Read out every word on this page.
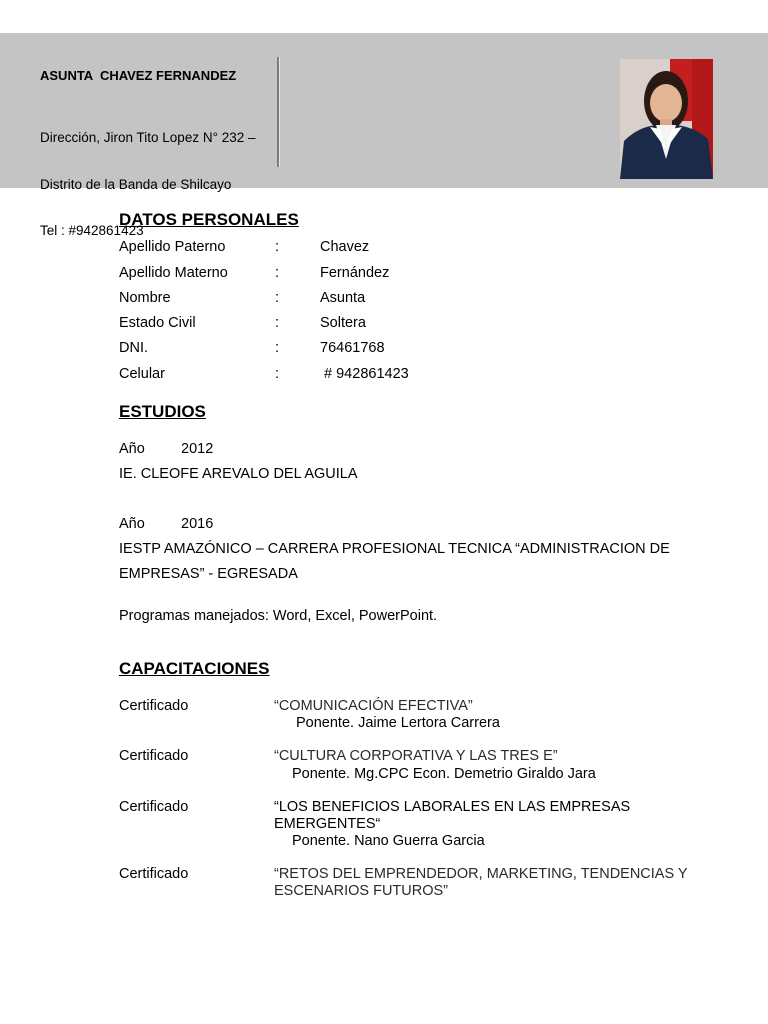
ASUNTA  CHAVEZ FERNANDEZ

Dirección, Jiron Tito Lopez N° 232 –

Distrito de la Banda de Shilcayo

Tel : #942861423

DATOS PERSONALES
Apellido Paterno	:	Chavez
Apellido Materno	:	Fernández
Nombre	:	Asunta
Estado Civil	:	Soltera
DNI.	:	76461768
Celular	:	# 942861423
ESTUDIOS
Año 2012
IE. CLEOFE AREVALO DEL AGUILA
Año 2016
IESTP AMAZÓNICO – CARRERA PROFESIONAL TECNICA “ADMINISTRACION DE EMPRESAS” - EGRESADA
Programas manejados: Word, Excel, PowerPoint.
CAPACITACIONES
Certificado	“COMUNICACIÓN EFECTIVA”
Ponente. Jaime Lertora Carrera
Certificado	“CULTURA CORPORATIVA Y LAS TRES E”
Ponente. Mg.CPC Econ. Demetrio Giraldo Jara
Certificado	“LOS BENEFICIOS LABORALES EN LAS EMPRESAS EMERGENTES“
Ponente. Nano Guerra Garcia
Certificado	“RETOS DEL EMPRENDEDOR, MARKETING, TENDENCIAS Y ESCENARIOS FUTUROS”
